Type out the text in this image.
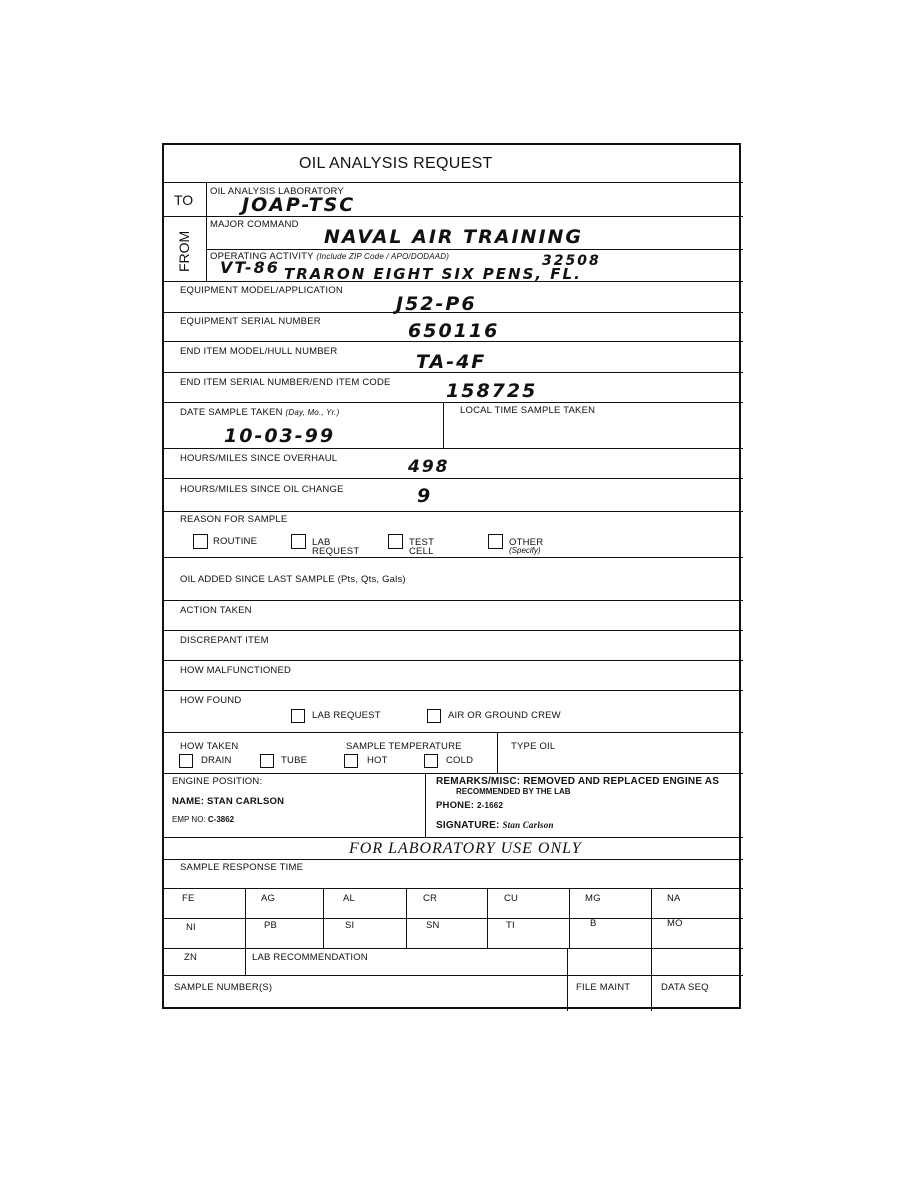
OIL ANALYSIS REQUEST
TO
OIL ANALYSIS LABORATORY
JOAP-TSC
FROM
MAJOR COMMAND
NAVAL AIR TRAINING
OPERATING ACTIVITY (Include ZIP Code / APO/DODAAD)
VT-86	32508
TRARON EIGHT SIX PENS, FL.
EQUIPMENT MODEL/APPLICATION
J52-P6
EQUIPMENT SERIAL NUMBER	650116
END ITEM MODEL/HULL NUMBER	TA-4F
END ITEM SERIAL NUMBER/END ITEM CODE	158725
DATE SAMPLE TAKEN (Day, Mo., Yr.)
10-03-99
LOCAL TIME SAMPLE TAKEN
HOURS/MILES SINCE OVERHAUL	498
HOURS/MILES SINCE OIL CHANGE	9
REASON FOR SAMPLE
ROUTINE	LAB
REQUEST
TEST
CELL
OTHER
(Specify)
OIL ADDED SINCE LAST SAMPLE (Pts, Qts, Gals)
ACTION TAKEN
DISCREPANT ITEM
HOW MALFUNCTIONED
HOW FOUND
LAB REQUEST	AIR OR GROUND CREW
HOW TAKEN
DRAIN	TUBE
SAMPLE TEMPERATURE
HOT	COLD
TYPE OIL
ENGINE POSITION:
NAME: STAN CARLSON
EMP NO: C-3862
REMARKS/MISC: REMOVED AND REPLACED ENGINE AS
RECOMMENDED BY THE LAB
PHONE: 2-1662
SIGNATURE: Stan Carlson
FOR LABORATORY USE ONLY
SAMPLE RESPONSE TIME
FE	AG	AL	CR	CU	MG	NA
NI	PB	SI	SN	TI	B	MO
ZN	LAB RECOMMENDATION
SAMPLE NUMBER(S)	FILE MAINT	DATA SEQ
